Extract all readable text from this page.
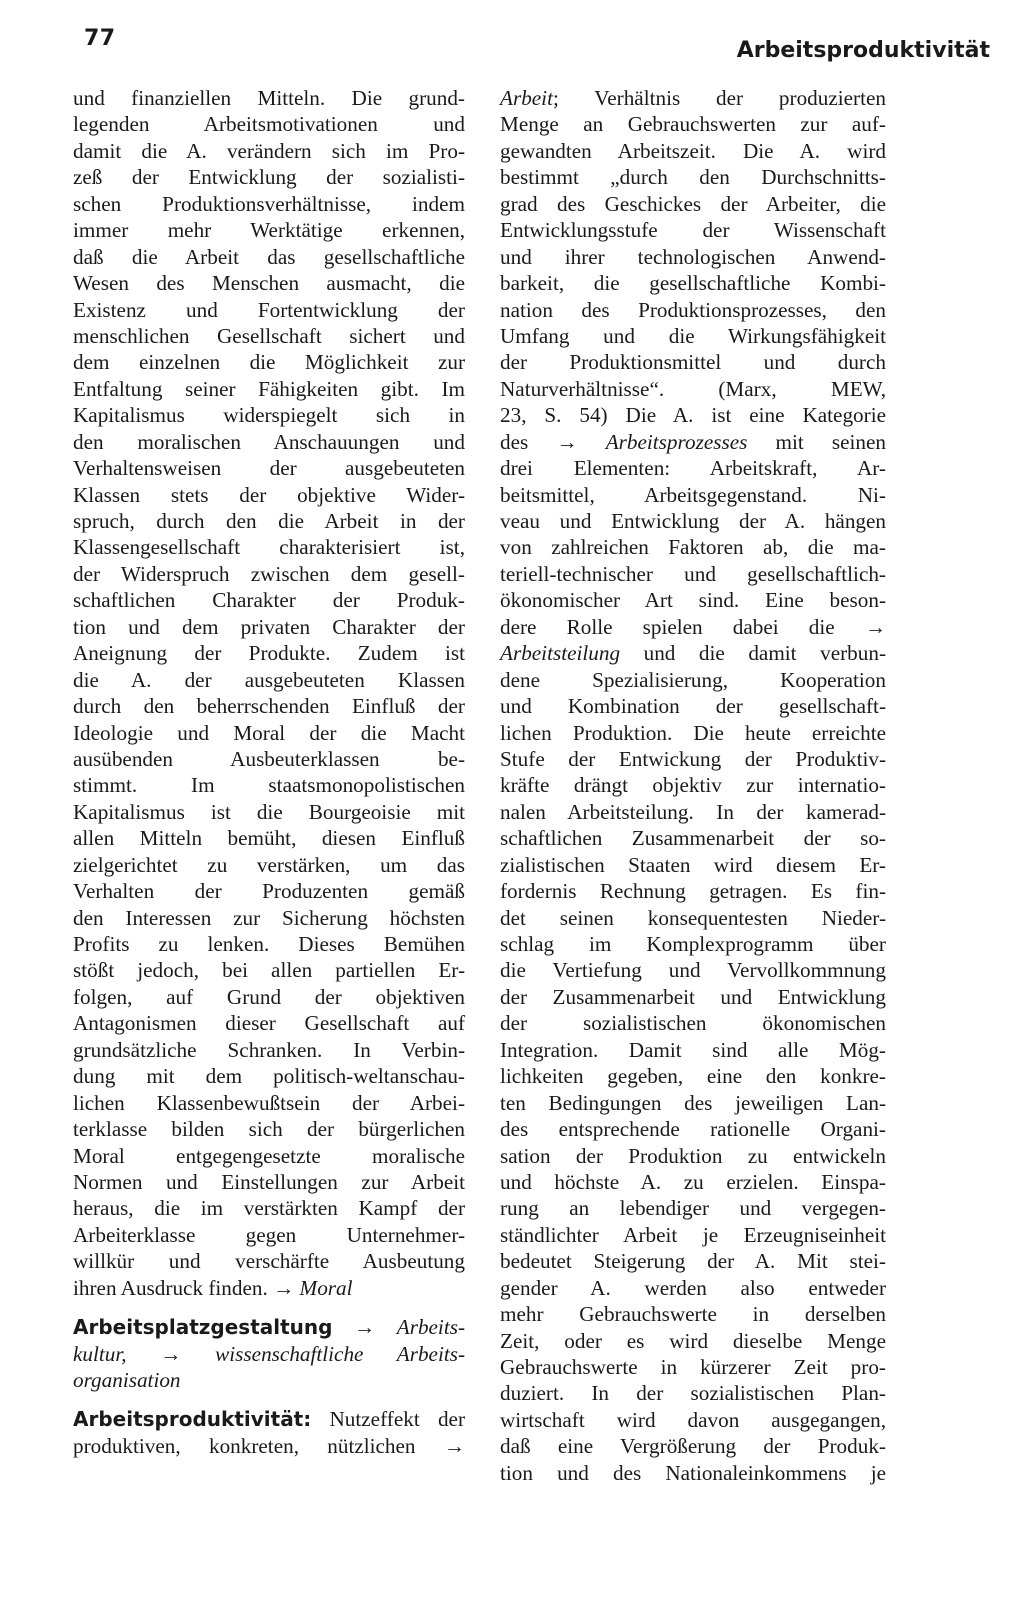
77	Arbeitsproduktivität
und finanziellen Mitteln. Die grund-
legenden Arbeitsmotivationen und
damit die A. verändern sich im Pro-
zeß der Entwicklung der sozialisti-
schen Produktionsverhältnisse, indem
immer mehr Werktätige erkennen,
daß die Arbeit das gesellschaftliche
Wesen des Menschen ausmacht, die
Existenz und Fortentwicklung der
menschlichen Gesellschaft sichert und
dem einzelnen die Möglichkeit zur
Entfaltung seiner Fähigkeiten gibt. Im
Kapitalismus widerspiegelt sich in
den moralischen Anschauungen und
Verhaltensweisen der ausgebeuteten
Klassen stets der objektive Wider-
spruch, durch den die Arbeit in der
Klassengesellschaft charakterisiert ist,
der Widerspruch zwischen dem gesell-
schaftlichen Charakter der Produk-
tion und dem privaten Charakter der
Aneignung der Produkte. Zudem ist
die A. der ausgebeuteten Klassen
durch den beherrschenden Einfluß der
Ideologie und Moral der die Macht
ausübenden Ausbeuterklassen be-
stimmt. Im staatsmonopolistischen
Kapitalismus ist die Bourgeoisie mit
allen Mitteln bemüht, diesen Einfluß
zielgerichtet zu verstärken, um das
Verhalten der Produzenten gemäß
den Interessen zur Sicherung höchsten
Profits zu lenken. Dieses Bemühen
stößt jedoch, bei allen partiellen Er-
folgen, auf Grund der objektiven
Antagonismen dieser Gesellschaft auf
grundsätzliche Schranken. In Verbin-
dung mit dem politisch-weltanschau-
lichen Klassenbewußtsein der Arbei-
terklasse bilden sich der bürgerlichen
Moral entgegengesetzte moralische
Normen und Einstellungen zur Arbeit
heraus, die im verstärkten Kampf der
Arbeiterklasse gegen Unternehmer-
willkür und verschärfte Ausbeutung
ihren Ausdruck finden. → Moral
Arbeitsplatzgestaltung → Arbeits-
kultur, → wissenschaftliche Arbeits-
organisation
Arbeitsproduktivität: Nutzeffekt der
produktiven, konkreten, nützlichen →
Arbeit; Verhältnis der produzierten
Menge an Gebrauchswerten zur auf-
gewandten Arbeitszeit. Die A. wird
bestimmt „durch den Durchschnitts-
grad des Geschickes der Arbeiter, die
Entwicklungsstufe der Wissenschaft
und ihrer technologischen Anwend-
barkeit, die gesellschaftliche Kombi-
nation des Produktionsprozesses, den
Umfang und die Wirkungsfähigkeit
der Produktionsmittel und durch
Naturverhältnisse“. (Marx, MEW,
23, S. 54) Die A. ist eine Kategorie
des → Arbeitsprozesses mit seinen
drei Elementen: Arbeitskraft, Ar-
beitsmittel, Arbeitsgegenstand. Ni-
veau und Entwicklung der A. hängen
von zahlreichen Faktoren ab, die ma-
teriell-technischer und gesellschaftlich-
ökonomischer Art sind. Eine beson-
dere Rolle spielen dabei die →
Arbeitsteilung und die damit verbun-
dene Spezialisierung, Kooperation
und Kombination der gesellschaft-
lichen Produktion. Die heute erreichte
Stufe der Entwickung der Produktiv-
kräfte drängt objektiv zur internatio-
nalen Arbeitsteilung. In der kamerad-
schaftlichen Zusammenarbeit der so-
zialistischen Staaten wird diesem Er-
fordernis Rechnung getragen. Es fin-
det seinen konsequentesten Nieder-
schlag im Komplexprogramm über
die Vertiefung und Vervollkommnung
der Zusammenarbeit und Entwicklung
der sozialistischen ökonomischen
Integration. Damit sind alle Mög-
lichkeiten gegeben, eine den konkre-
ten Bedingungen des jeweiligen Lan-
des entsprechende rationelle Organi-
sation der Produktion zu entwickeln
und höchste A. zu erzielen. Einspa-
rung an lebendiger und vergegen-
ständlichter Arbeit je Erzeugniseinheit
bedeutet Steigerung der A. Mit stei-
gender A. werden also entweder
mehr Gebrauchswerte in derselben
Zeit, oder es wird dieselbe Menge
Gebrauchswerte in kürzerer Zeit pro-
duziert. In der sozialistischen Plan-
wirtschaft wird davon ausgegangen,
daß eine Vergrößerung der Produk-
tion und des Nationaleinkommens je
